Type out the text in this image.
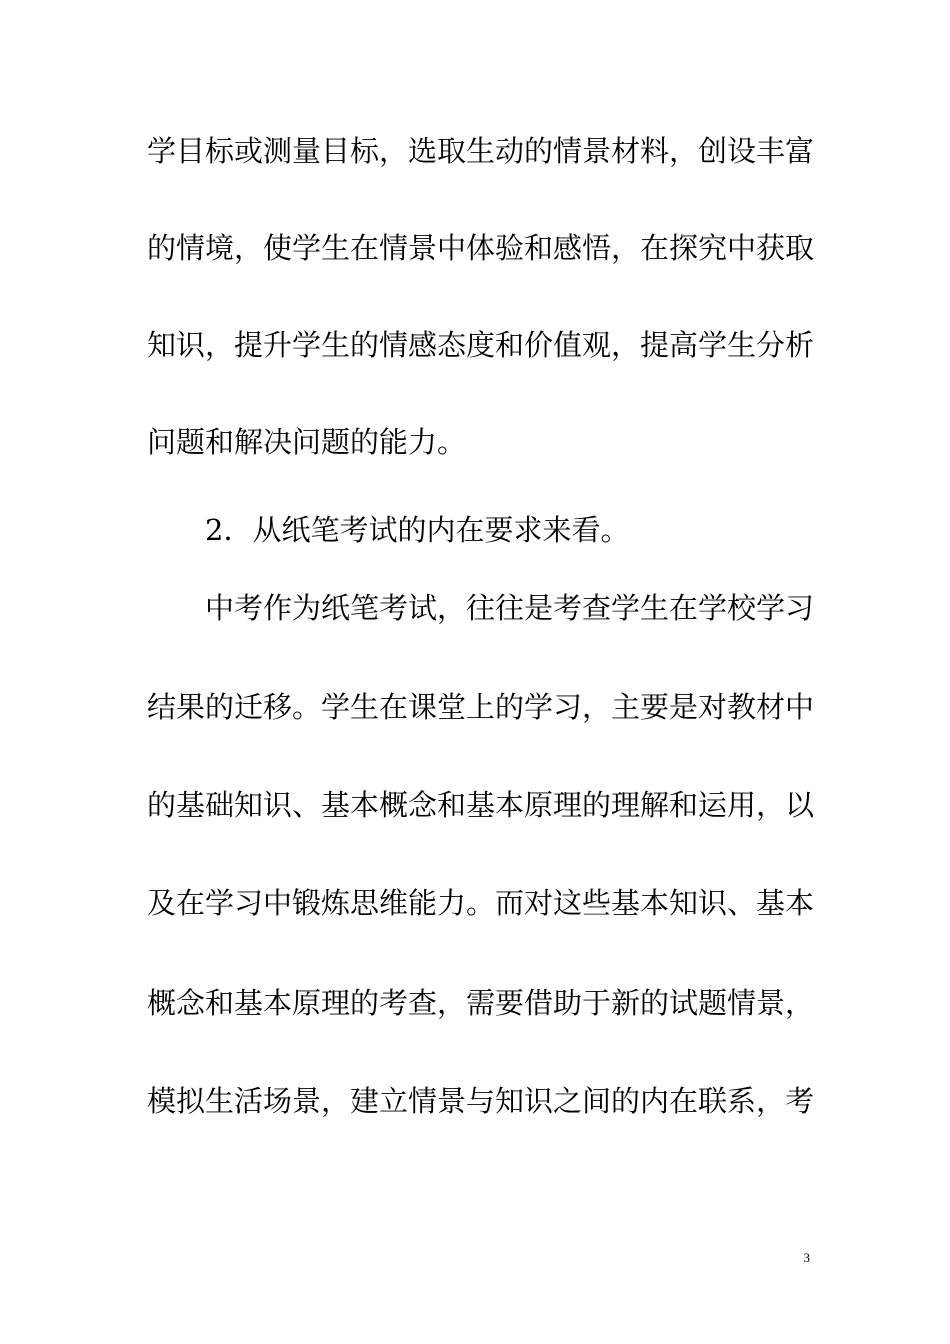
学目标或测量目标，选取生动的情景材料，创设丰富
的情境，使学生在情景中体验和感悟，在探究中获取
知识，提升学生的情感态度和价值观，提高学生分析
问题和解决问题的能力。
2．从纸笔考试的内在要求来看。
中考作为纸笔考试，往往是考查学生在学校学习
结果的迁移。学生在课堂上的学习，主要是对教材中
的基础知识、基本概念和基本原理的理解和运用，以
及在学习中锻炼思维能力。而对这些基本知识、基本
概念和基本原理的考查，需要借助于新的试题情景，
模拟生活场景，建立情景与知识之间的内在联系，考
3
